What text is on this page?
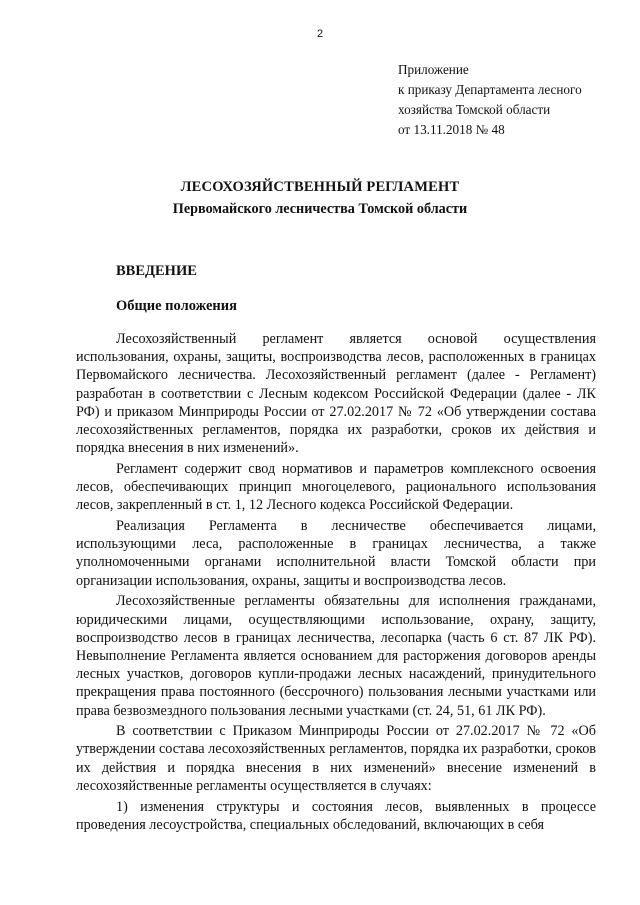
2
Приложение
к приказу Департамента лесного
хозяйства Томской области
от 13.11.2018 № 48
ЛЕСОХОЗЯЙСТВЕННЫЙ РЕГЛАМЕНТ
Первомайского лесничества Томской области
ВВЕДЕНИЕ
Общие положения

Лесохозяйственный регламент является основой осуществления использования, охраны, защиты, воспроизводства лесов, расположенных в границах Первомайского лесничества. Лесохозяйственный регламент (далее - Регламент) разработан в соответствии с Лесным кодексом Российской Федерации (далее - ЛК РФ) и приказом Минприроды России от 27.02.2017 № 72 «Об утверждении состава лесохозяйственных регламентов, порядка их разработки, сроков их действия и порядка внесения в них изменений».

Регламент содержит свод нормативов и параметров комплексного освоения лесов, обеспечивающих принцип многоцелевого, рационального использования лесов, закрепленный в ст. 1, 12 Лесного кодекса Российской Федерации.

Реализация Регламента в лесничестве обеспечивается лицами, использующими леса, расположенные в границах лесничества, а также уполномоченными органами исполнительной власти Томской области при организации использования, охраны, защиты и воспроизводства лесов.

Лесохозяйственные регламенты обязательны для исполнения гражданами, юридическими лицами, осуществляющими использование, охрану, защиту, воспроизводство лесов в границах лесничества, лесопарка (часть 6 ст. 87 ЛК РФ). Невыполнение Регламента является основанием для расторжения договоров аренды лесных участков, договоров купли-продажи лесных насаждений, принудительного прекращения права постоянного (бессрочного) пользования лесными участками или права безвозмездного пользования лесными участками (ст. 24, 51, 61 ЛК РФ).

В соответствии с Приказом Минприроды России от 27.02.2017 № 72 «Об утверждении состава лесохозяйственных регламентов, порядка их разработки, сроков их действия и порядка внесения в них изменений» внесение изменений в лесохозяйственные регламенты осуществляется в случаях:

1) изменения структуры и состояния лесов, выявленных в процессе проведения лесоустройства, специальных обследований, включающих в себя
